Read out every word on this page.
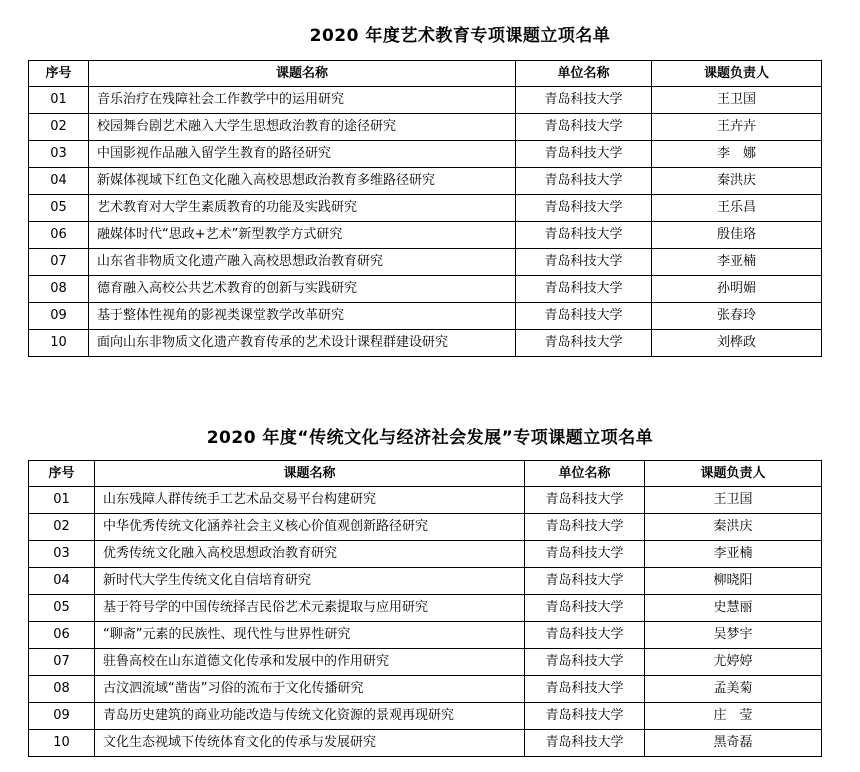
2020 年度艺术教育专项课题立项名单
序号	课题名称	单位名称	课题负责人
01	音乐治疗在残障社会工作教学中的运用研究	青岛科技大学	王卫国
02	校园舞台剧艺术融入大学生思想政治教育的途径研究	青岛科技大学	王卉卉
03	中国影视作品融入留学生教育的路径研究	青岛科技大学	李　娜
04	新媒体视域下红色文化融入高校思想政治教育多维路径研究	青岛科技大学	秦洪庆
05	艺术教育对大学生素质教育的功能及实践研究	青岛科技大学	王乐昌
06	融媒体时代“思政+艺术”新型教学方式研究	青岛科技大学	殷佳珞
07	山东省非物质文化遗产融入高校思想政治教育研究	青岛科技大学	李亚楠
08	德育融入高校公共艺术教育的创新与实践研究	青岛科技大学	孙明媚
09	基于整体性视角的影视类课堂教学改革研究	青岛科技大学	张春玲
10	面向山东非物质文化遗产教育传承的艺术设计课程群建设研究	青岛科技大学	刘桦政
2020 年度“传统文化与经济社会发展”专项课题立项名单
序号	课题名称	单位名称	课题负责人
01	山东残障人群传统手工艺术品交易平台构建研究	青岛科技大学	王卫国
02	中华优秀传统文化涵养社会主义核心价值观创新路径研究	青岛科技大学	秦洪庆
03	优秀传统文化融入高校思想政治教育研究	青岛科技大学	李亚楠
04	新时代大学生传统文化自信培育研究	青岛科技大学	柳晓阳
05	基于符号学的中国传统择吉民俗艺术元素提取与应用研究	青岛科技大学	史慧丽
06	“聊斋”元素的民族性、现代性与世界性研究	青岛科技大学	吴梦宇
07	驻鲁高校在山东道德文化传承和发展中的作用研究	青岛科技大学	尤婷婷
08	古汶泗流域“凿齿”习俗的流布于文化传播研究	青岛科技大学	孟美菊
09	青岛历史建筑的商业功能改造与传统文化资源的景观再现研究	青岛科技大学	庄　莹
10	文化生态视域下传统体育文化的传承与发展研究	青岛科技大学	黑奇磊
